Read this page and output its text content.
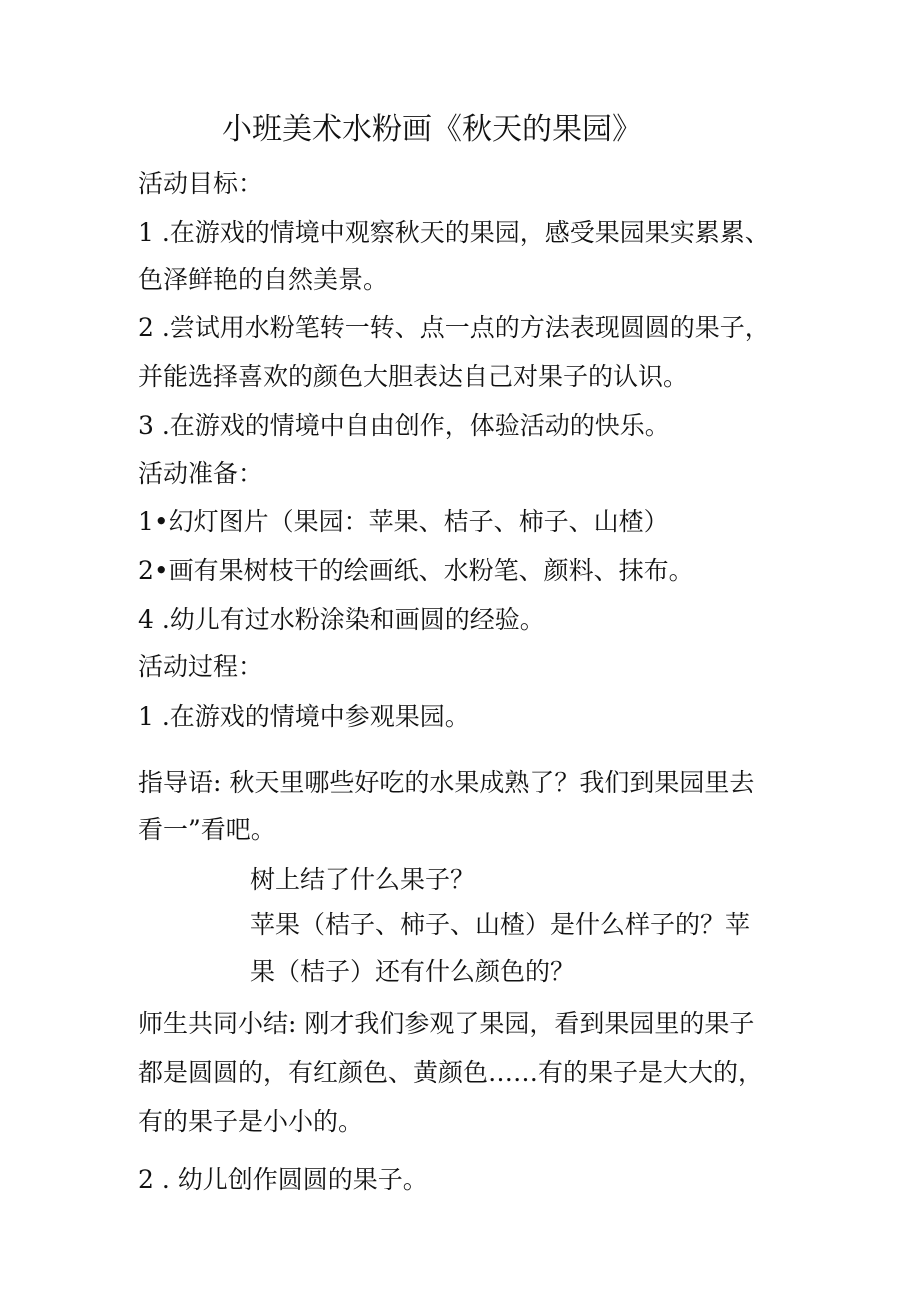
小班美术水粉画《秋天的果园》
活动目标：
1 .在游戏的情境中观察秋天的果园，感受果园果实累累、
色泽鲜艳的自然美景。
2 .尝试用水粉笔转一转、点一点的方法表现圆圆的果子，
并能选择喜欢的颜色大胆表达自己对果子的认识。
3 .在游戏的情境中自由创作，体验活动的快乐。
活动准备：
1•幻灯图片（果园：苹果、桔子、柿子、山楂）
2•画有果树枝干的绘画纸、水粉笔、颜料、抹布。
4 .幼儿有过水粉涂染和画圆的经验。
活动过程：
1 .在游戏的情境中参观果园。
指导语: 秋天里哪些好吃的水果成熟了？我们到果园里去
看一”看吧。
树上结了什么果子？
苹果（桔子、柿子、山楂）是什么样子的？苹
果（桔子）还有什么颜色的？
师生共同小结: 刚才我们参观了果园，看到果园里的果子
都是圆圆的，有红颜色、黄颜色……有的果子是大大的，
有的果子是小小的。
2 . 幼儿创作圆圆的果子。
